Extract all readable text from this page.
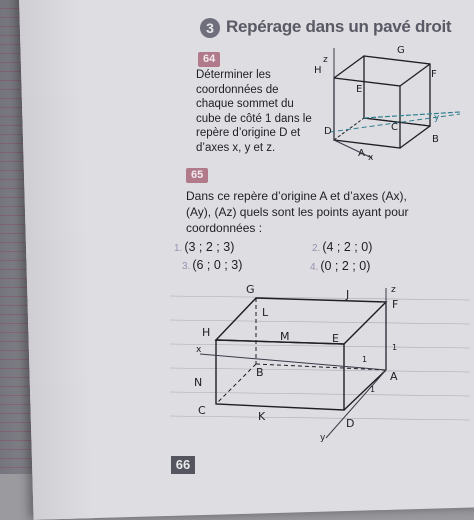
3 Repérage dans un pavé droit
64
Déterminer les
coordonnées de
chaque sommet du
cube de côté 1 dans le
repère d’origine D et
d’axes x, y et z.
G
H
E
F
C
D
B
A x
y
z
65
Dans ce repère d’origine A et d’axes (Ax),
(Ay), (Az) quels sont les points ayant pour
coordonnées :
1. (3 ; 2 ; 3)	2. (4 ; 2 ; 0)
3. (6 ; 0 ; 3)	4. (0 ; 2 ; 0)
G	J
F
L
H	M	E
x
B
N	A
C	K
D
z
y
1
1
1
66
